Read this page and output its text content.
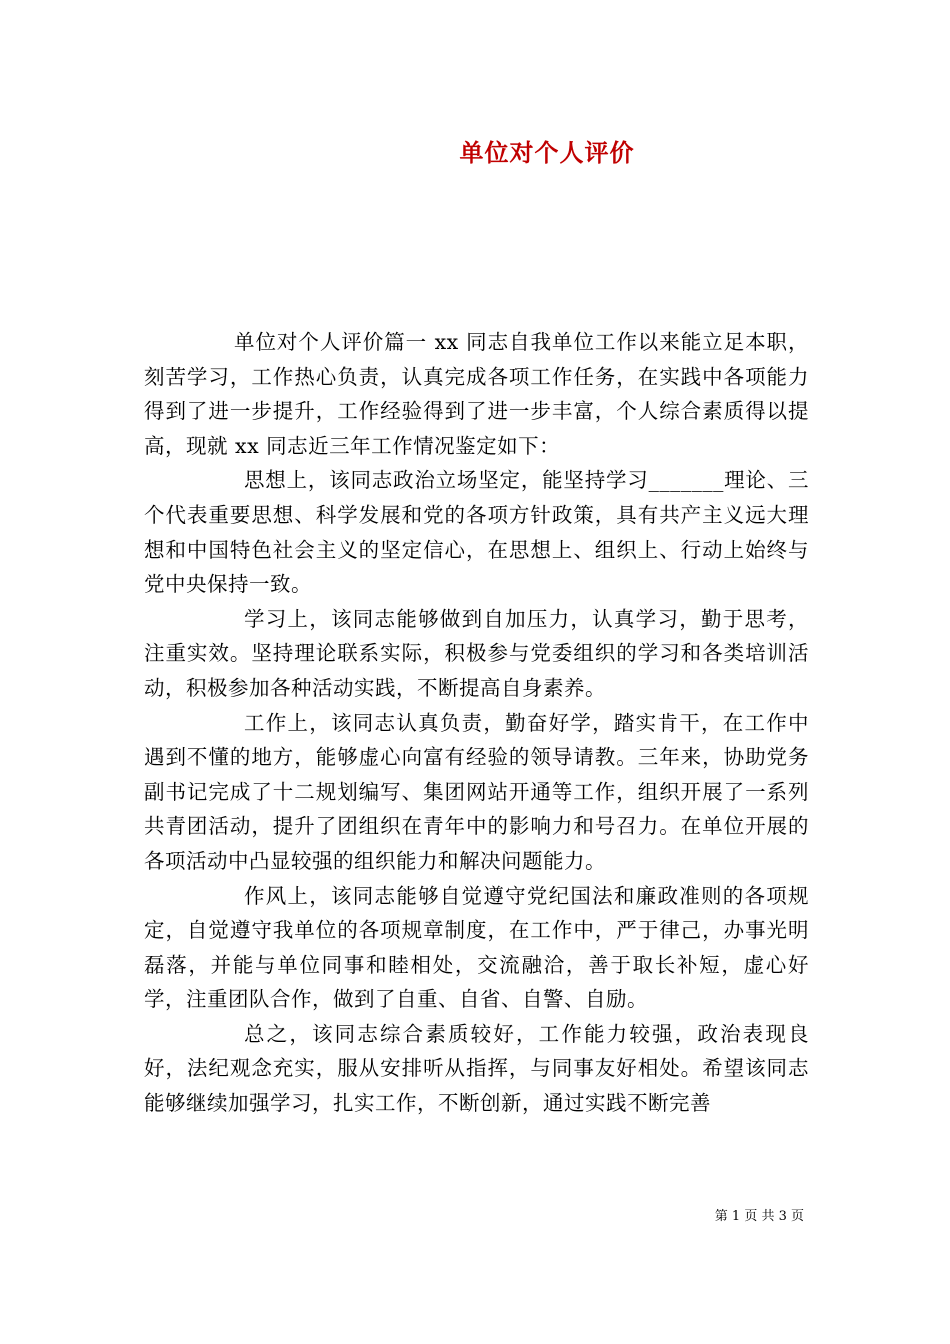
单位对个人评价

单位对个人评价篇一 xx 同志自我单位工作以来能立足本职，刻苦学习，工作热心负责，认真完成各项工作任务，在实践中各项能力得到了进一步提升，工作经验得到了进一步丰富，个人综合素质得以提高，现就 xx 同志近三年工作情况鉴定如下：

思想上，该同志政治立场坚定，能坚持学习_______理论、三个代表重要思想、科学发展和党的各项方针政策，具有共产主义远大理想和中国特色社会主义的坚定信心，在思想上、组织上、行动上始终与党中央保持一致。

学习上，该同志能够做到自加压力，认真学习，勤于思考，注重实效。坚持理论联系实际，积极参与党委组织的学习和各类培训活动，积极参加各种活动实践，不断提高自身素养。

工作上，该同志认真负责，勤奋好学，踏实肯干，在工作中遇到不懂的地方，能够虚心向富有经验的领导请教。三年来，协助党务副书记完成了十二规划编写、集团网站开通等工作，组织开展了一系列共青团活动，提升了团组织在青年中的影响力和号召力。在单位开展的各项活动中凸显较强的组织能力和解决问题能力。

作风上，该同志能够自觉遵守党纪国法和廉政准则的各项规定，自觉遵守我单位的各项规章制度，在工作中，严于律己，办事光明磊落，并能与单位同事和睦相处，交流融洽，善于取长补短，虚心好学，注重团队合作，做到了自重、自省、自警、自励。

总之，该同志综合素质较好，工作能力较强，政治表现良好，法纪观念充实，服从安排听从指挥，与同事友好相处。希望该同志能够继续加强学习，扎实工作，不断创新，通过实践不断完善

第 1 页 共 3 页
